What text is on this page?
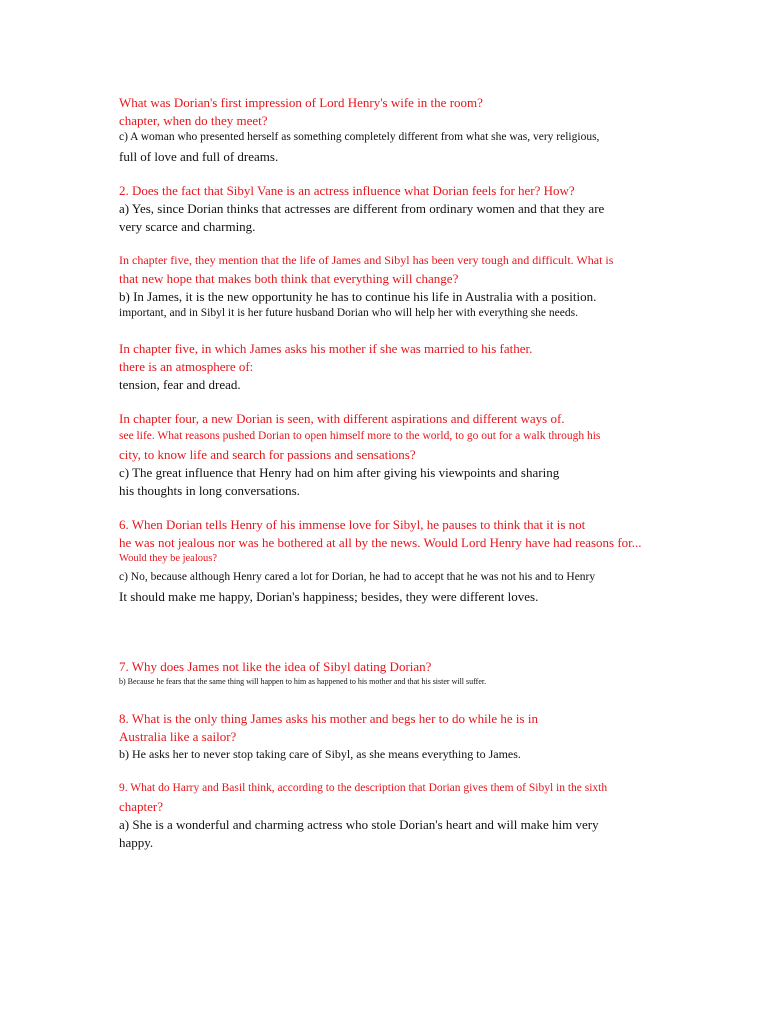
What was Dorian's first impression of Lord Henry's wife in the room?
chapter, when do they meet?
c) A woman who presented herself as something completely different from what she was, very religious,
full of love and full of dreams.
2. Does the fact that Sibyl Vane is an actress influence what Dorian feels for her? How?
a) Yes, since Dorian thinks that actresses are different from ordinary women and that they are
very scarce and charming.
In chapter five, they mention that the life of James and Sibyl has been very tough and difficult. What is
that new hope that makes both think that everything will change?
b) In James, it is the new opportunity he has to continue his life in Australia with a position.
important, and in Sibyl it is her future husband Dorian who will help her with everything she needs.
In chapter five, in which James asks his mother if she was married to his father.
there is an atmosphere of:
tension, fear and dread.
In chapter four, a new Dorian is seen, with different aspirations and different ways of.
see life. What reasons pushed Dorian to open himself more to the world, to go out for a walk through his
city, to know life and search for passions and sensations?
c) The great influence that Henry had on him after giving his viewpoints and sharing
his thoughts in long conversations.
6. When Dorian tells Henry of his immense love for Sibyl, he pauses to think that it is not
he was not jealous nor was he bothered at all by the news. Would Lord Henry have had reasons for...
Would they be jealous?
c) No, because although Henry cared a lot for Dorian, he had to accept that he was not his and to Henry
It should make me happy, Dorian's happiness; besides, they were different loves.
7. Why does James not like the idea of Sibyl dating Dorian?
b) Because he fears that the same thing will happen to him as happened to his mother and that his sister will suffer.
8. What is the only thing James asks his mother and begs her to do while he is in
Australia like a sailor?
b) He asks her to never stop taking care of Sibyl, as she means everything to James.
9. What do Harry and Basil think, according to the description that Dorian gives them of Sibyl in the sixth
chapter?
a) She is a wonderful and charming actress who stole Dorian's heart and will make him very
happy.
